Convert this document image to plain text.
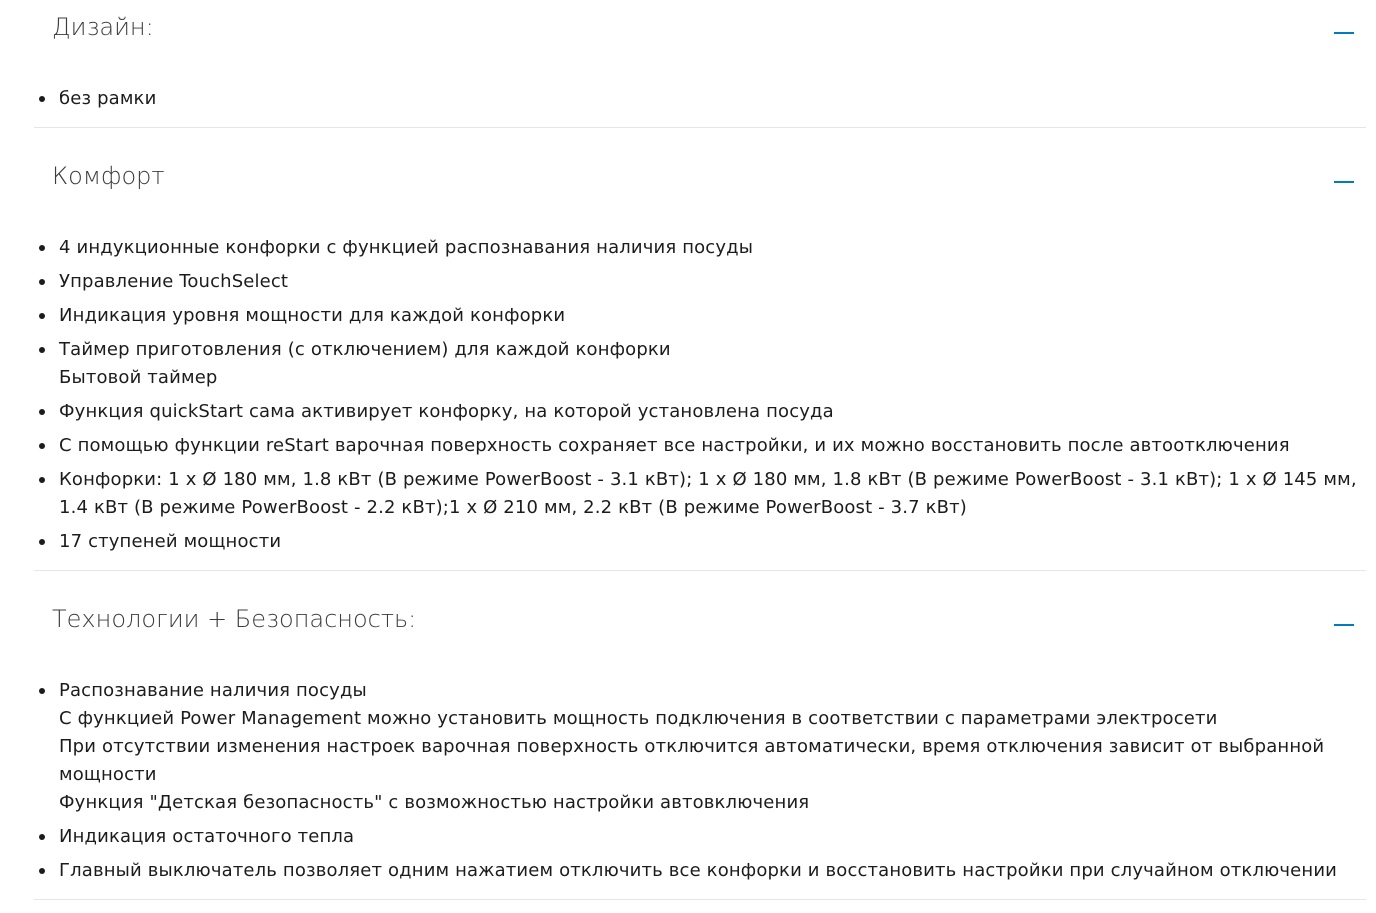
Дизайн:
без рамки
Комфорт
4 индукционные конфорки с функцией распознавания наличия посуды
Управление TouchSelect
Индикация уровня мощности для каждой конфорки
Таймер приготовления (с отключением) для каждой конфорки
Бытовой таймер
Функция quickStart сама активирует конфорку, на которой установлена посуда
С помощью функции reStart варочная поверхность сохраняет все настройки, и их можно восстановить после автоотключения
Конфорки: 1 x Ø 180 мм, 1.8 кВт (В режиме PowerBoost - 3.1 кВт); 1 x Ø 180 мм, 1.8 кВт (В режиме PowerBoost - 3.1 кВт); 1 x Ø 145 мм,
1.4 кВт (В режиме PowerBoost - 2.2 кВт);1 x Ø 210 мм, 2.2 кВт (В режиме PowerBoost - 3.7 кВт)
17 ступеней мощности
Технологии + Безопасность:
Распознавание наличия посуды
С функцией Power Management можно установить мощность подключения в соответствии с параметрами электросети
При отсутствии изменения настроек варочная поверхность отключится автоматически, время отключения зависит от выбранной
мощности
Функция "Детская безопасность" с возможностью настройки автовключения
Индикация остаточного тепла
Главный выключатель позволяет одним нажатием отключить все конфорки и восстановить настройки при случайном отключении
